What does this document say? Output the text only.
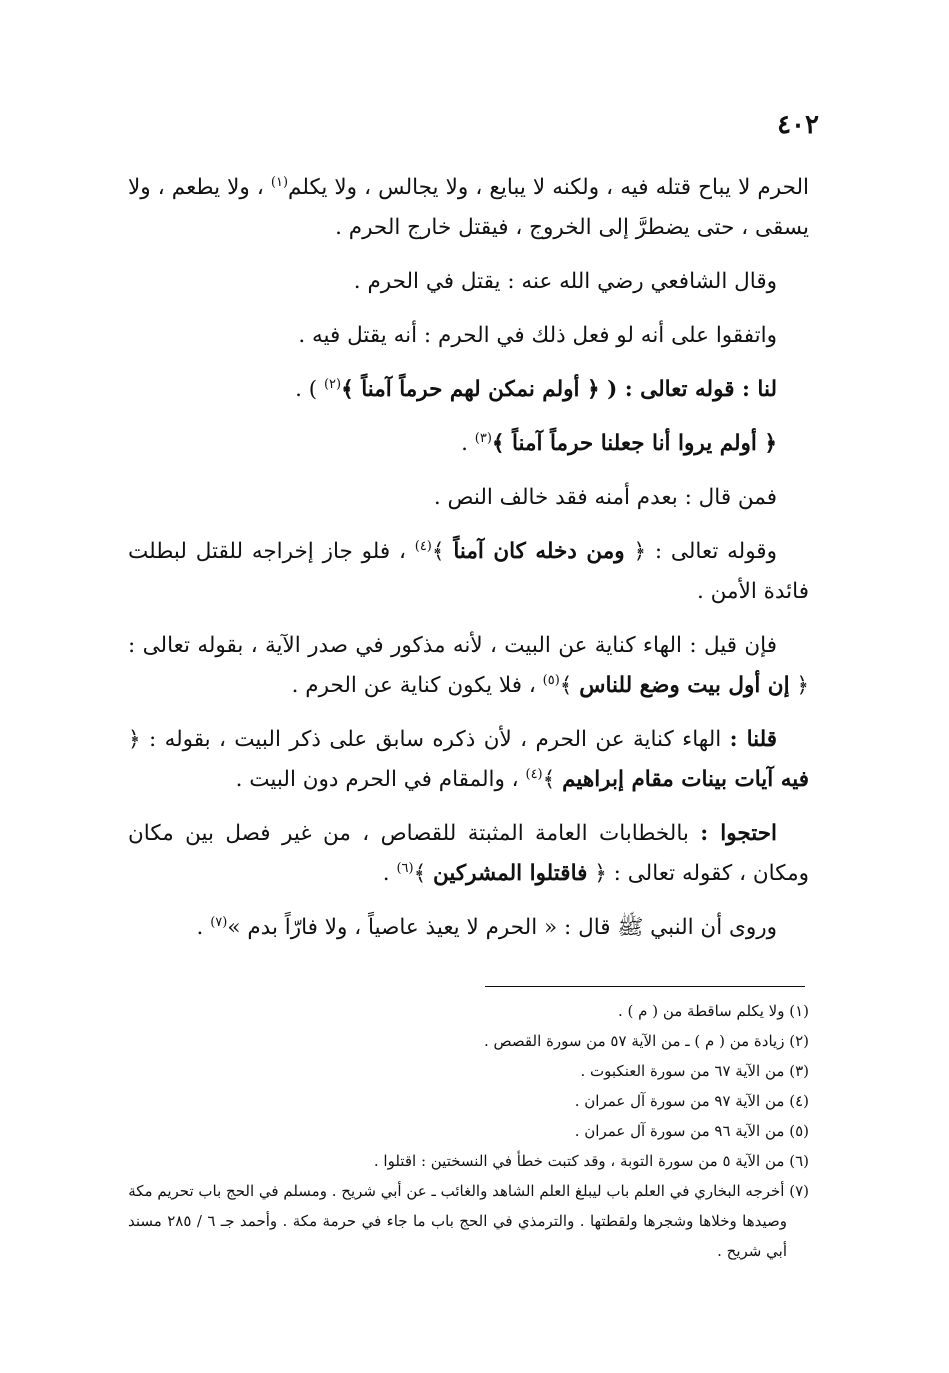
٤٠٢

الحرم لا يباح قتله فيه ، ولكنه لا يبايع ، ولا يجالس ، ولا يكلم$^{(١)}$ ، ولا يطعم ، ولا يسقى ، حتى يضطرَّ إلى الخروج ، فيقتل خارج الحرم .

وقال الشافعي رضي الله عنه : يقتل في الحرم .

واتفقوا على أنه لو فعل ذلك في الحرم : أنه يقتل فيه .

لنا : قوله تعالى : ( ﴿ أولم نمكن لهم حرماً آمناً ﴾$^{(٢)}$ ) .

﴿ أولم يروا أنا جعلنا حرماً آمناً ﴾$^{(٣)}$ .

فمن قال : بعدم أمنه فقد خالف النص .

وقوله تعالى : ﴿ ومن دخله كان آمناً ﴾$^{(٤)}$ ، فلو جاز إخراجه للقتل لبطلت فائدة الأمن .

فإن قيل : الهاء كناية عن البيت ، لأنه مذكور في صدر الآية ، بقوله تعالى : ﴿ إن أول بيت وضع للناس ﴾$^{(٥)}$ ، فلا يكون كناية عن الحرم .

قلنا : الهاء كناية عن الحرم ، لأن ذكره سابق على ذكر البيت ، بقوله : ﴿ فيه آيات بينات مقام إبراهيم ﴾$^{(٤)}$ ، والمقام في الحرم دون البيت .

احتجوا : بالخطابات العامة المثبتة للقصاص ، من غير فصل بين مكان ومكان ، كقوله تعالى : ﴿ فاقتلوا المشركين ﴾$^{(٦)}$ .

وروى أن النبي ﷺ قال : « الحرم لا يعيذ عاصياً ، ولا فارّاً بدم »$^{(٧)}$ .

(١) ولا يكلم ساقطة من ( م ) .

(٢) زيادة من ( م ) ـ من الآية ٥٧ من سورة القصص .

(٣) من الآية ٦٧ من سورة العنكبوت .

(٤) من الآية ٩٧ من سورة آل عمران .

(٥) من الآية ٩٦ من سورة آل عمران .

(٦) من الآية ٥ من سورة التوبة ، وقد كتبت خطأ في النسختين : اقتلوا .

(٧) أخرجه البخاري في العلم باب ليبلغ العلم الشاهد والغائب ـ عن أبي شريح . ومسلم في الحج باب تحريم مكة

وصيدها وخلاها وشجرها ولقطتها . والترمذي في الحج باب ما جاء في حرمة مكة . وأحمد جـ ٦ / ٢٨٥ مسند أبي شريح .
